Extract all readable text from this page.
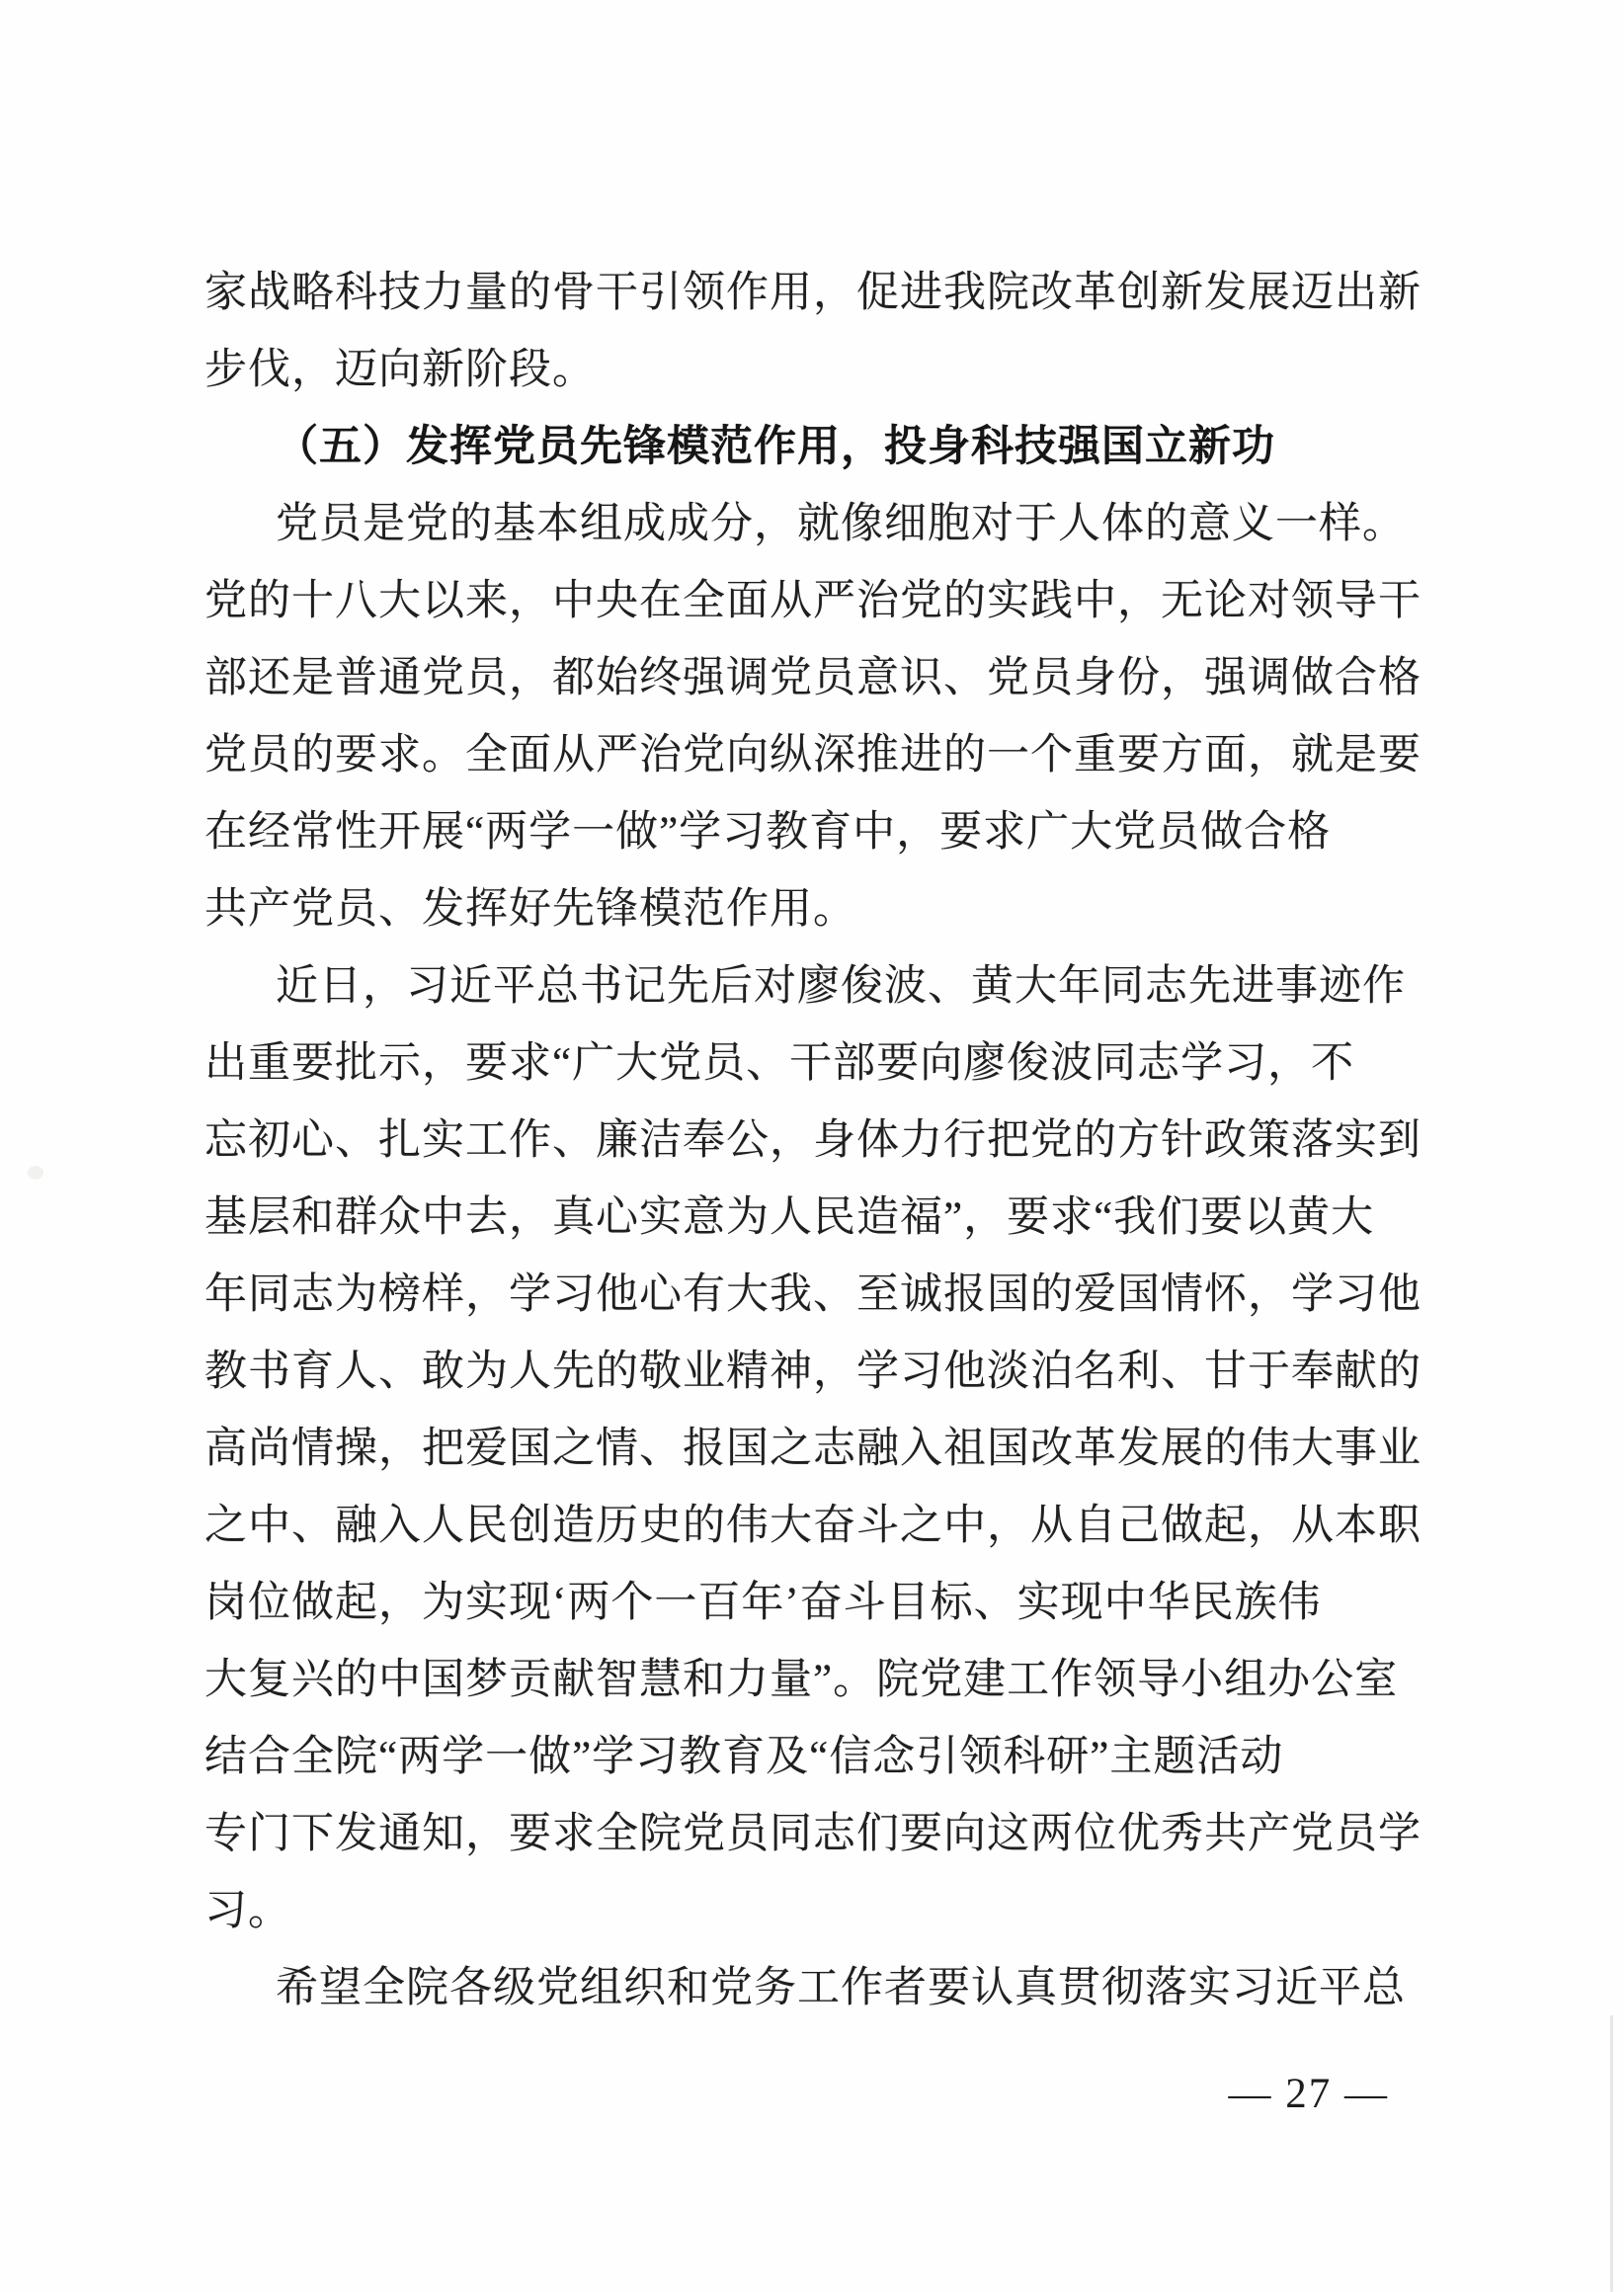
家战略科技力量的骨干引领作用，促进我院改革创新发展迈出新
步伐，迈向新阶段。
（五）发挥党员先锋模范作用，投身科技强国立新功
党员是党的基本组成成分，就像细胞对于人体的意义一样。
党的十八大以来，中央在全面从严治党的实践中，无论对领导干
部还是普通党员，都始终强调党员意识、党员身份，强调做合格
党员的要求。全面从严治党向纵深推进的一个重要方面，就是要
在经常性开展“两学一做”学习教育中，要求广大党员做合格
共产党员、发挥好先锋模范作用。
近日，习近平总书记先后对廖俊波、黄大年同志先进事迹作
出重要批示，要求“广大党员、干部要向廖俊波同志学习，不
忘初心、扎实工作、廉洁奉公，身体力行把党的方针政策落实到
基层和群众中去，真心实意为人民造福”，要求“我们要以黄大
年同志为榜样，学习他心有大我、至诚报国的爱国情怀，学习他
教书育人、敢为人先的敬业精神，学习他淡泊名利、甘于奉献的
高尚情操，把爱国之情、报国之志融入祖国改革发展的伟大事业
之中、融入人民创造历史的伟大奋斗之中，从自己做起，从本职
岗位做起，为实现‘两个一百年’奋斗目标、实现中华民族伟
大复兴的中国梦贡献智慧和力量”。院党建工作领导小组办公室
结合全院“两学一做”学习教育及“信念引领科研”主题活动
专门下发通知，要求全院党员同志们要向这两位优秀共产党员学
习。
希望全院各级党组织和党务工作者要认真贯彻落实习近平总
— 27 —
